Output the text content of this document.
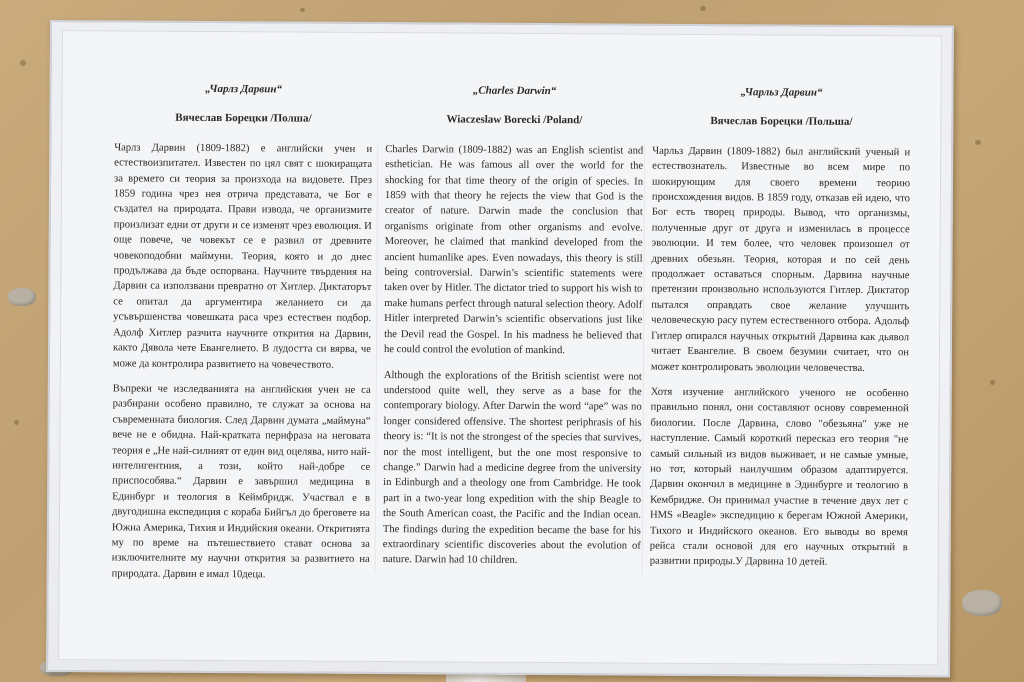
„Чарлз Дарвин“

Вячеслав Борецки /Полша/

Чарлз Дарвин (1809-1882) е английски учен и естествоизпитател. Известен по цял свят с шокиращата за времето си теория за произхода на видовете. През 1859 година чрез нея отрича представата, че Бог е създател на природата. Прави извода, че организмите произлизат едни от други и се изменят чрез еволюция. И още повече, че човекът се е развил от древните човекоподобни маймуни. Теория, която и до днес продължава да бъде оспорвана. Научните твърдения на Дарвин са използвани превратно от Хитлер. Диктаторът се опитал да аргументира желанието си да усъвършенства човешката раса чрез естествен подбор. Адолф Хитлер разчита научните открития на Дарвин, както Дявола чете Евангелието. В лудостта си вярва, че може да контролира развитието на човечеството.

Въпреки че изследванията на английския учен не са разбирани особено правилно, те служат за основа на съвременната биология. След Дарвин думата „маймуна“ вече не е обидна. Най-кратката перифраза на неговата теория е „Не най-силният от един вид оцелява, нито най-интелигентния, а този, който най-добре се приспособява.“ Дарвин е завършил медицина в Единбург и теология в Кеймбридж. Участвал е в двугодишна експедиция с кораба Бийгъл до бреговете на Южна Америка, Тихия и Индийския океани. Откритията му по време на пътешествието стават основа за изключителните му научни открития за развитието на природата. Дарвин е имал 10деца.

„Charles Darwin“

Wiaczeslaw Borecki /Poland/

Charles Darwin (1809-1882) was an English scientist and esthetician. He was famous all over the world for the shocking for that time theory of the origin of species. In 1859 with that theory he rejects the view that God is the creator of nature. Darwin made the conclusion that organisms originate from other organisms and evolve. Moreover, he claimed that mankind developed from the ancient humanlike apes. Even nowadays, this theory is still being controversial. Darwin’s scientific statements were taken over by Hitler. The dictator tried to support his wish to make humans perfect through natural selection theory. Adolf Hitler interpreted Darwin’s scientific observations just like the Devil read the Gospel. In his madness he believed that he could control the evolution of mankind.

Although the explorations of the British scientist were not understood quite well, they serve as a base for the contemporary biology. After Darwin the word “ape” was no longer considered offensive. The shortest periphrasis of his theory is: “It is not the strongest of the species that survives, nor the most intelligent, but the one most responsive to change.” Darwin had a medicine degree from the university in Edinburgh and a theology one from Cambridge. He took part in a two-year long expedition with the ship Beagle to the South American coast, the Pacific and the Indian ocean. The findings during the expedition became the base for his extraordinary scientific discoveries about the evolution of nature. Darwin had 10 children.

„Чарльз Дарвин“

Вячеслав Борецки /Польша/

Чарльз Дарвин (1809-1882) был английский ученый и естествознатель. Известные во всем мире по шокирующим для своего времени теорию происхождения видов. В 1859 году, отказав ей идею, что Бог есть творец природы. Вывод, что организмы, полученные друг от друга и изменилась в процессе эволюции. И тем более, что человек произошел от древних обезьян. Теория, которая и по сей день продолжает оставаться спорным. Дарвина научные претензии произвольно используются Гитлер. Диктатор пытался оправдать свое желание улучшить человеческую расу путем естественного отбора. Адольф Гитлер опирался научных открытий Дарвина как дьявол читает Евангелие. В своем безумии считает, что он может контролировать эволюции человечества.

Хотя изучение английского ученого не особенно правильно понял, они составляют основу современной биологии. После Дарвина, слово "обезьяна" уже не наступление. Самый короткий пересказ его теория "не самый сильный из видов выживает, и не самые умные, но тот, который наилучшим образом адаптируется. Дарвин окончил в медицине в Эдинбурге и теологию в Кембридже. Он принимал участие в течение двух лет с HMS «Beagle» экспедицию к берегам Южной Америки, Тихого и Индийского океанов. Его выводы во время рейса стали основой для его научных открытий в развитии природы.У Дарвина 10 детей.
